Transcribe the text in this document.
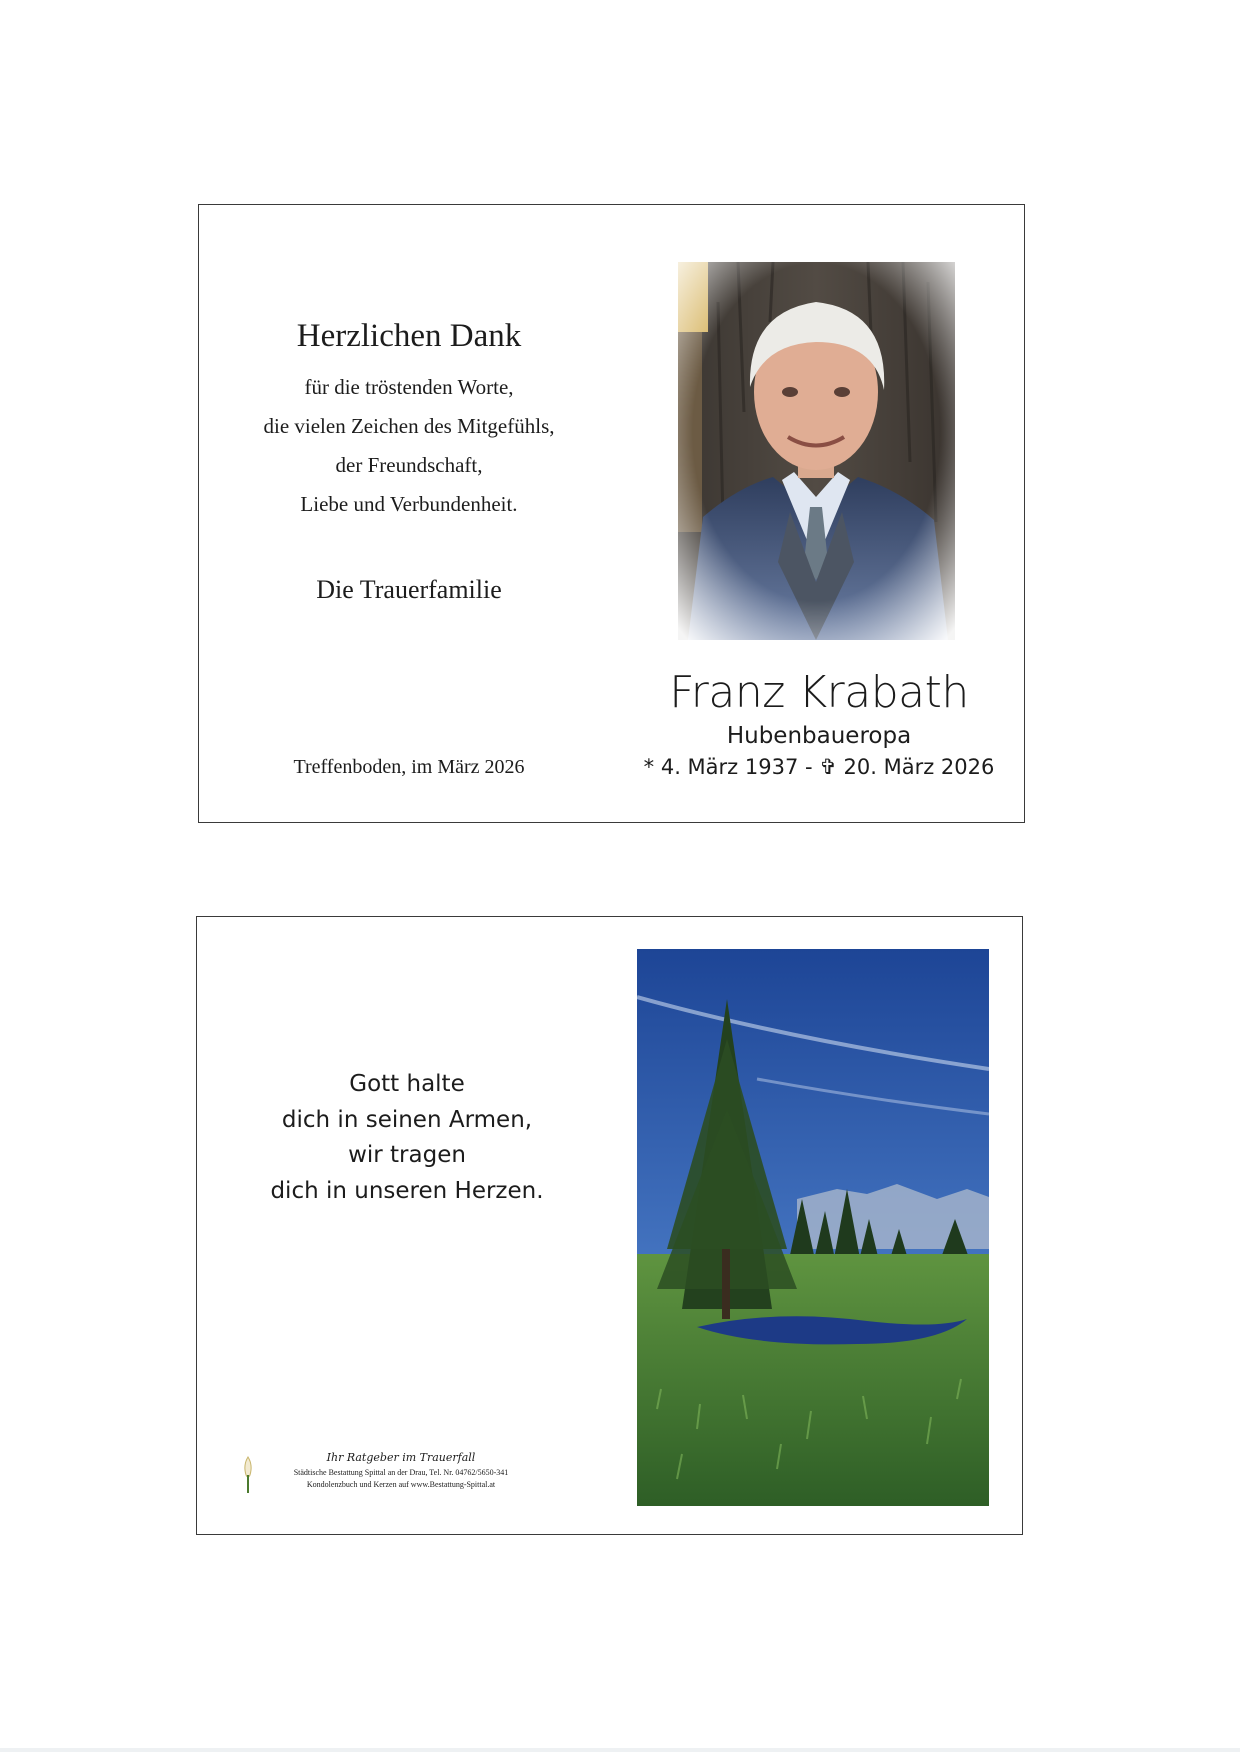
Herzlichen Dank
für die tröstenden Worte,
die vielen Zeichen des Mitgefühls,
der Freundschaft,
Liebe und Verbundenheit.
Die Trauerfamilie
Treffenboden, im März 2026
Franz Krabath
Hubenbaueropa
* 4. März 1937 - ✞ 20. März 2026
Gott halte
dich in seinen Armen,
wir tragen
dich in unseren Herzen.
Ihr Ratgeber im Trauerfall
Städtische Bestattung Spittal an der Drau, Tel. Nr. 04762/5650-341
Kondolenzbuch und Kerzen auf www.Bestattung-Spittal.at
